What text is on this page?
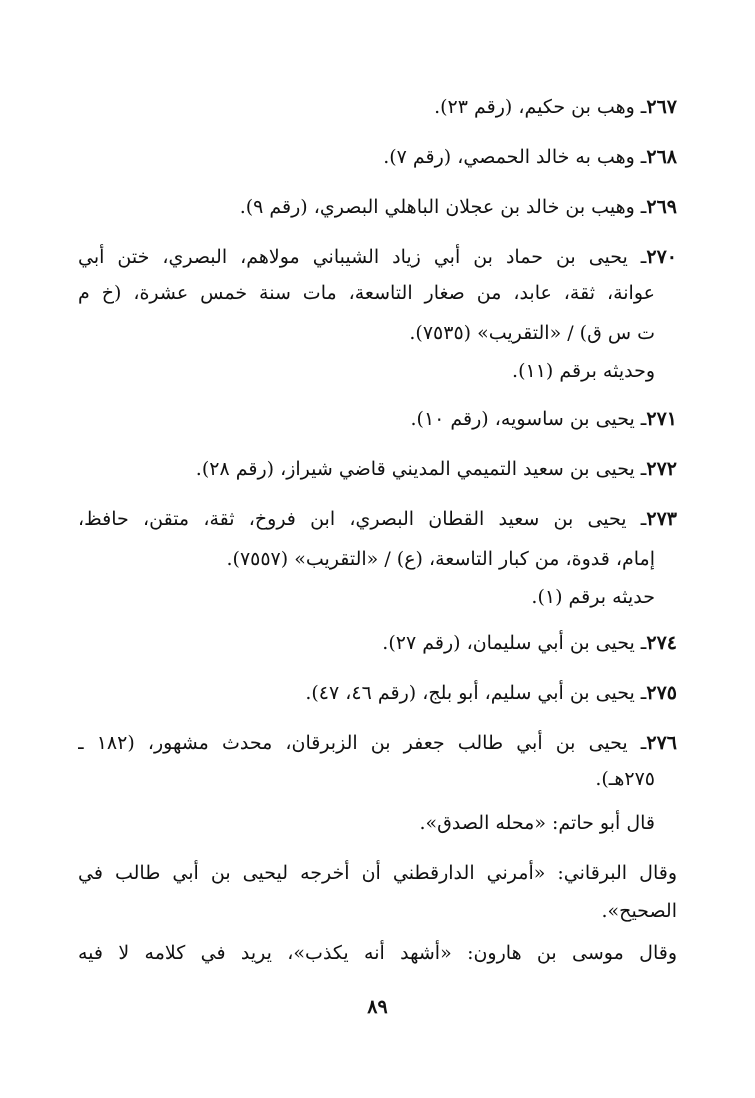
٢٦٧ـ وهب بن حكيم، (رقم ٢٣).
٢٦٨ـ وهب به خالد الحمصي، (رقم ٧).
٢٦٩ـ وهيب بن خالد بن عجلان الباهلي البصري، (رقم ٩).
٢٧٠ـ يحيى بن حماد بن أبي زياد الشيباني مولاهم، البصري، ختن أبي
عوانة، ثقة، عابد، من صغار التاسعة، مات سنة خمس عشرة، (خ م
ت س ق) / «التقريب» (٧٥٣٥).
وحديثه برقم (١١).
٢٧١ـ يحيى بن ساسويه، (رقم ١٠).
٢٧٢ـ يحيى بن سعيد التميمي المديني قاضي شيراز، (رقم ٢٨).
٢٧٣ـ يحيى بن سعيد القطان البصري، ابن فروخ، ثقة، متقن، حافظ،
إمام، قدوة، من كبار التاسعة، (ع) / «التقريب» (٧٥٥٧).
حديثه برقم (١).
٢٧٤ـ يحيى بن أبي سليمان، (رقم ٢٧).
٢٧٥ـ يحيى بن أبي سليم، أبو بلج، (رقم ٤٦، ٤٧).
٢٧٦ـ يحيى بن أبي طالب جعفر بن الزبرقان، محدث مشهور، (١٨٢ ـ
٢٧٥هـ).
قال أبو حاتم: «محله الصدق».
وقال البرقاني: «أمرني الدارقطني أن أخرجه ليحيى بن أبي طالب في
الصحيح».
وقال موسى بن هارون: «أشهد أنه يكذب»، يريد في كلامه لا فيه
٨٩
